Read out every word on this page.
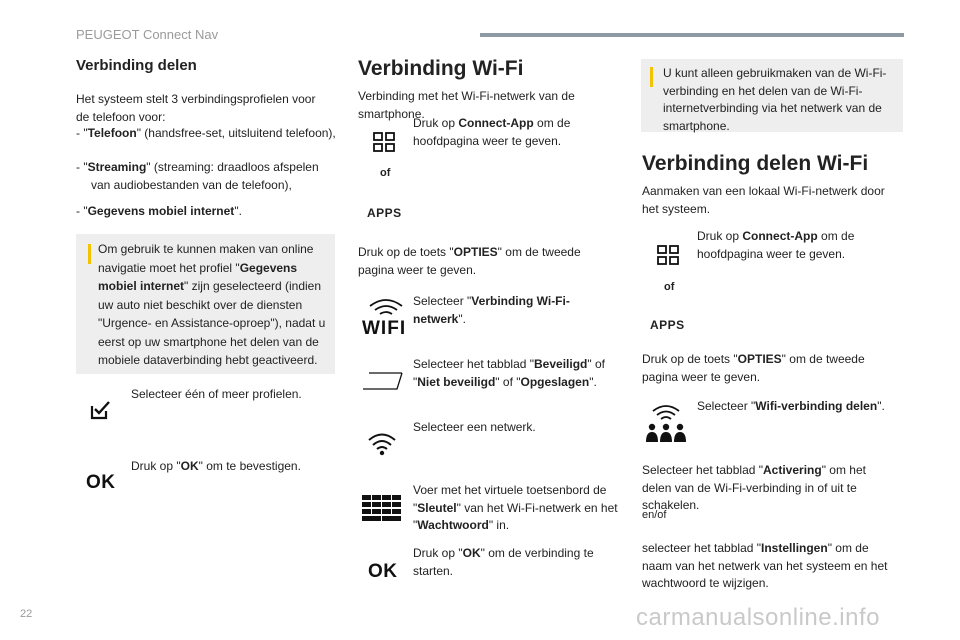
PEUGEOT Connect Nav
Verbinding delen

Het systeem stelt 3 verbindingsprofielen voor de telefoon voor:

- "Telefoon" (handsfree-set, uitsluitend telefoon),

- "Streaming" (streaming: draadloos afspelen van audiobestanden van de telefoon),

- "Gegevens mobiel internet".

Om gebruik te kunnen maken van online navigatie moet het profiel "Gegevens mobiel internet" zijn geselecteerd (indien uw auto niet beschikt over de diensten "Urgence- en Assistance-oproep"), nadat u eerst op uw smartphone het delen van de mobiele dataverbinding hebt geactiveerd.

Selecteer één of meer profielen.

OK

Druk op "OK" om te bevestigen.

Verbinding Wi-Fi

Verbinding met het Wi-Fi-netwerk van de smartphone.

Druk op Connect-App om de hoofdpagina weer te geven.

of
APPS

Druk op de toets "OPTIES" om de tweede pagina weer te geven.

WIFI

Selecteer "Verbinding Wi-Fi-netwerk".

Selecteer het tabblad "Beveiligd" of "Niet beveiligd" of "Opgeslagen".

Selecteer een netwerk.

Voer met het virtuele toetsenbord de "Sleutel" van het Wi-Fi-netwerk en het "Wachtwoord" in.

OK

Druk op "OK" om de verbinding te starten.

U kunt alleen gebruikmaken van de Wi-Fi-verbinding en het delen van de Wi-Fi-internetverbinding via het netwerk van de smartphone.

Verbinding delen Wi-Fi

Aanmaken van een lokaal Wi-Fi-netwerk door het systeem.

Druk op Connect-App om de hoofdpagina weer te geven.

of
APPS

Druk op de toets "OPTIES" om de tweede pagina weer te geven.

Selecteer "Wifi-verbinding delen".

Selecteer het tabblad "Activering" om het delen van de Wi-Fi-verbinding in of uit te schakelen.

en/of

selecteer het tabblad "Instellingen" om de naam van het netwerk van het systeem en het wachtwoord te wijzigen.

22	carmanualsonline.info
